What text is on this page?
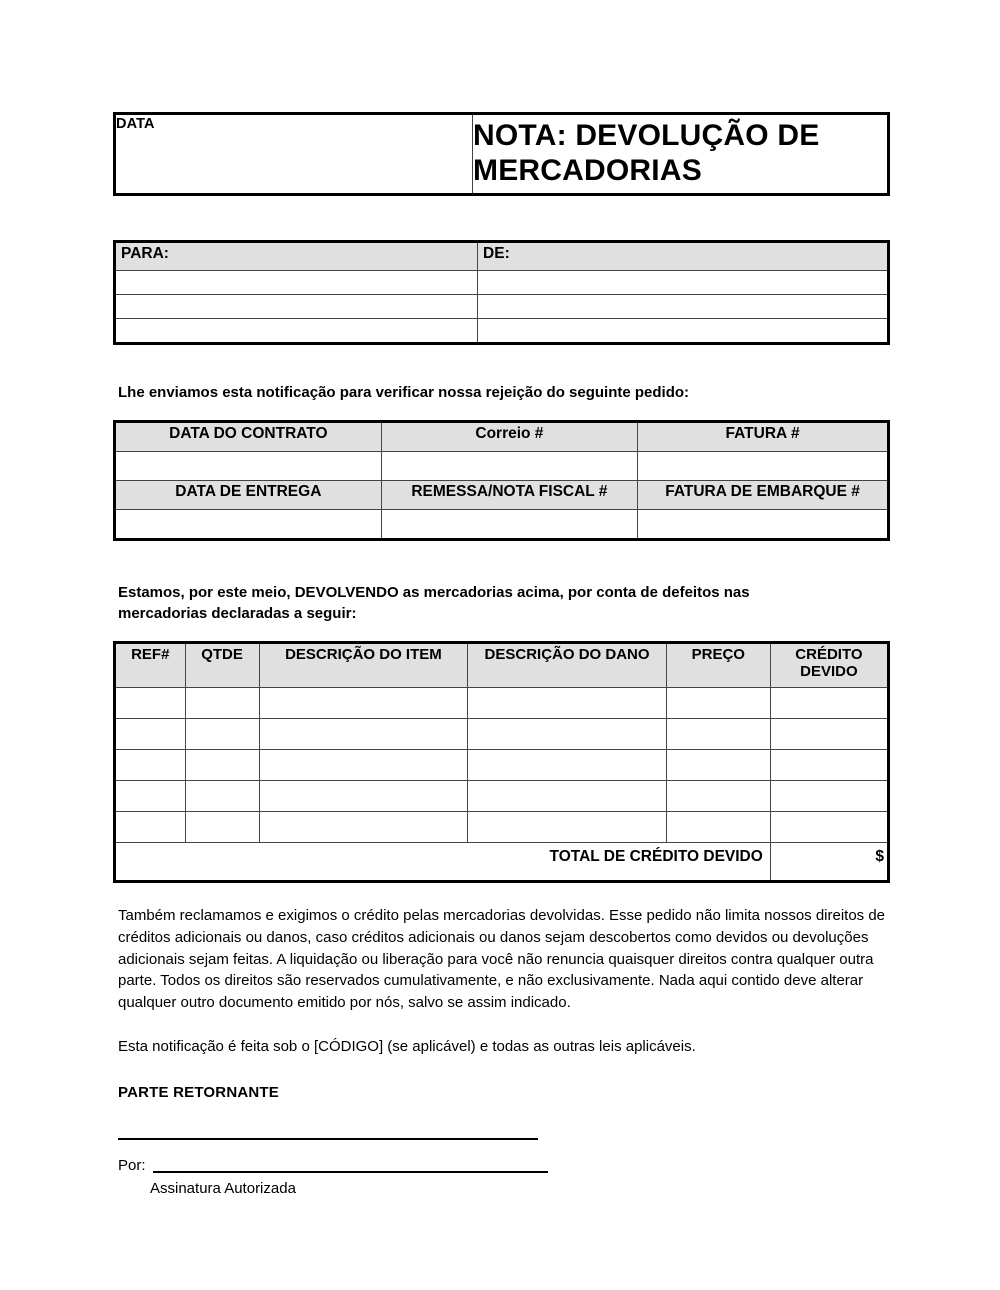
DATA	NOTA: DEVOLUÇÃO DE MERCADORIAS
PARA:	DE:

Lhe enviamos esta notificação para verificar nossa rejeição do seguinte pedido:
DATA DO CONTRATO	Correio #	FATURA #

DATA DE ENTREGA	REMESSA/NOTA FISCAL #	FATURA DE EMBARQUE #

Estamos, por este meio, DEVOLVENDO as mercadorias acima, por conta de defeitos nas mercadorias declaradas a seguir:
REF#	QTDE	DESCRIÇÃO DO ITEM	DESCRIÇÃO DO DANO	PREÇO	CRÉDITO DEVIDO

TOTAL DE CRÉDITO DEVIDO					$
Também reclamamos e exigimos o crédito pelas mercadorias devolvidas. Esse pedido não limita nossos direitos de créditos adicionais ou danos, caso créditos adicionais ou danos sejam descobertos como devidos ou devoluções adicionais sejam feitas. A liquidação ou liberação para você não renuncia quaisquer direitos contra qualquer outra parte. Todos os direitos são reservados cumulativamente, e não exclusivamente. Nada aqui contido deve alterar qualquer outro documento emitido por nós, salvo se assim indicado.
Esta notificação é feita sob o [CÓDIGO] (se aplicável) e todas as outras leis aplicáveis.
PARTE RETORNANTE
Por:
Assinatura Autorizada
